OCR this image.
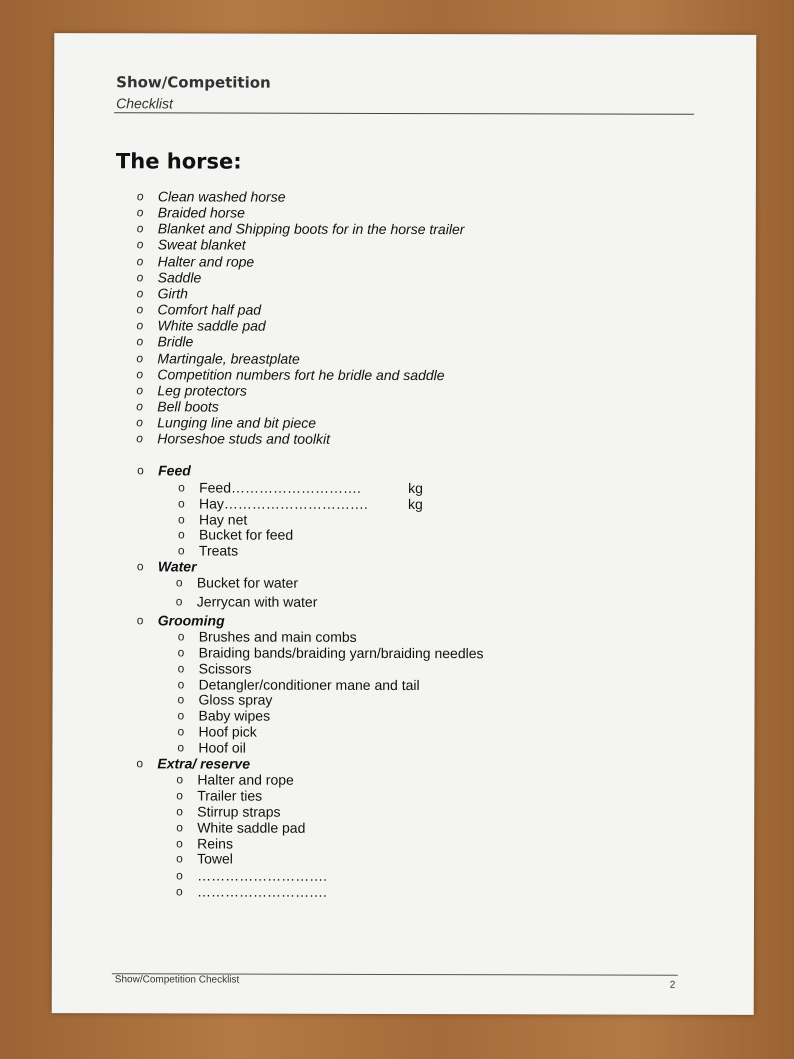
Show/Competition
Checklist
The horse:
o Clean washed horse
o Braided horse
o Blanket and Shipping boots for in the horse trailer
o Sweat blanket
o Halter and rope
o Saddle
o Girth
o Comfort half pad
o White saddle pad
o Bridle
o Martingale, breastplate
o Competition numbers fort he bridle and saddle
o Leg protectors
o Bell boots
o Lunging line and bit piece
o Horseshoe studs and toolkit
o Feed
o Feed……………………….	kg
o Hay………………………….	kg
o Hay net
o Bucket for feed
o Treats
o Water
o Bucket for water
o Jerrycan with water
o Grooming
o Brushes and main combs
o Braiding bands/braiding yarn/braiding needles
o Scissors
o Detangler/conditioner mane and tail
o Gloss spray
o Baby wipes
o Hoof pick
o Hoof oil
o Extra/ reserve
o Halter and rope
o Trailer ties
o Stirrup straps
o White saddle pad
o Reins
o Towel
o ……………………….
o ……………………….
Show/Competition Checklist	2
